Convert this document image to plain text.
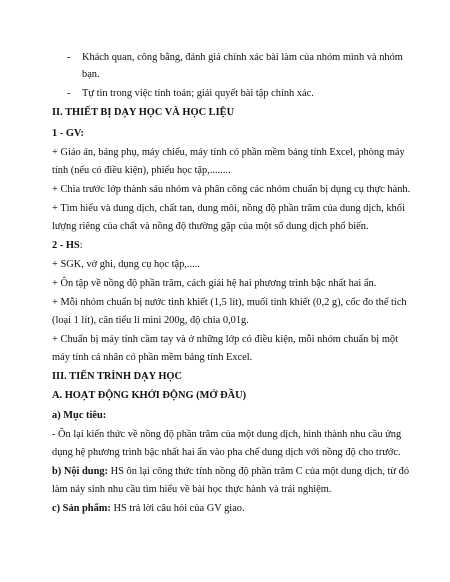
- Khách quan, công bằng, đánh giá chính xác bài làm của nhóm mình và nhóm
bạn.
- Tự tin trong việc tính toán; giải quyết bài tập chính xác.
II. THIẾT BỊ DẠY HỌC VÀ HỌC LIỆU
1 - GV:
+ Giáo án, bảng phụ, máy chiếu, máy tính có phần mềm bảng tính Excel, phòng máy
tính (nếu có điều kiện), phiếu học tập,........
+ Chia trước lớp thành sáu nhóm và phân công các nhóm chuẩn bị dụng cụ thực hành.
+ Tìm hiểu và dung dịch, chất tan, dung môi, nồng độ phần trăm của dung dịch, khối
lượng riêng của chất và nồng độ thường gặp của một số dung dịch phổ biến.
2 - HS:
+ SGK, vở ghi, dụng cụ học tập,.....
+ Ôn tập về nồng độ phần trăm, cách giải hệ hai phương trình bậc nhất hai ẩn.
+ Mỗi nhóm chuẩn bị nước tinh khiết (1,5 lít), muối tinh khiết (0,2 g), cốc đo thể tích
(loại 1 lít), cân tiểu li mini 200g, độ chia 0,01g.
+ Chuẩn bị máy tính cầm tay và ở những lớp có điều kiện, mỗi nhóm chuẩn bị một
máy tính cá nhân có phần mềm bảng tính Excel.
III. TIẾN TRÌNH DẠY HỌC
A. HOẠT ĐỘNG KHỞI ĐỘNG (MỞ ĐẦU)
a) Mục tiêu:
- Ôn lại kiến thức về nồng độ phần trăm của một dung dịch, hình thành nhu cầu ứng
dụng hệ phương trình bậc nhất hai ẩn vào pha chế dung dịch với nồng độ cho trước.
b) Nội dung: HS ôn lại công thức tính nồng độ phần trăm C của một dung dịch, từ đó
làm nảy sinh nhu cầu tìm hiểu về bài học thực hành và trải nghiệm.
c) Sản phẩm: HS trả lời câu hỏi của GV giao.
